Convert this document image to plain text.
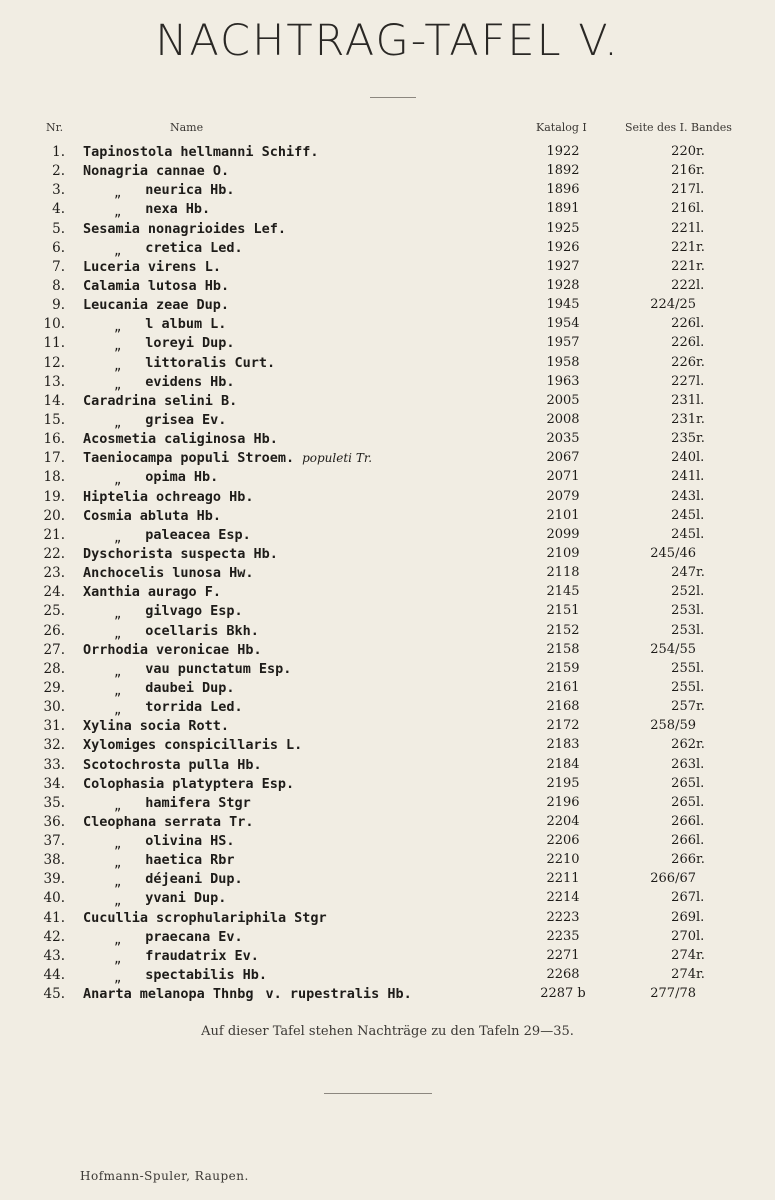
NACHTRAG-TAFEL V.
Nr.	Name	Katalog I	Seite des I. Bandes
1. Tapinostola hellmanni Schiff.	1922	220r.
2. Nonagria cannae O.	1892	216r.
3.	„ neurica Hb.	1896	217l.
4.	„ nexa Hb.	1891	216l.
5. Sesamia nonagrioides Lef.	1925	221l.
6.	„ cretica Led.	1926	221r.
7. Luceria virens L.	1927	221r.
8. Calamia lutosa Hb.	1928	222l.
9. Leucania zeae Dup.	1945	224/25
10.	„ l album L.	1954	226l.
11.	„ loreyi Dup.	1957	226l.
12.	„ littoralis Curt.	1958	226r.
13.	„ evidens Hb.	1963	227l.
14. Caradrina selini B.	2005	231l.
15.	„ grisea Ev.	2008	231r.
16. Acosmetia caliginosa Hb.	2035	235r.
17. Taeniocampa populi Stroem. populeti Tr.	2067	240l.
18.	„ opima Hb.	2071	241l.
19. Hiptelia ochreago Hb.	2079	243l.
20. Cosmia abluta Hb.	2101	245l.
21.	„ paleacea Esp.	2099	245l.
22. Dyschorista suspecta Hb.	2109	245/46
23. Anchocelis lunosa Hw.	2118	247r.
24. Xanthia aurago F.	2145	252l.
25.	„ gilvago Esp.	2151	253l.
26.	„ ocellaris Bkh.	2152	253l.
27. Orrhodia veronicae Hb.	2158	254/55
28.	„ vau punctatum Esp.	2159	255l.
29.	„ daubei Dup.	2161	255l.
30.	„ torrida Led.	2168	257r.
31. Xylina socia Rott.	2172	258/59
32. Xylomiges conspicillaris L.	2183	262r.
33. Scotochrosta pulla Hb.	2184	263l.
34. Colophasia platyptera Esp.	2195	265l.
35.	„ hamifera Stgr	2196	265l.
36. Cleophana serrata Tr.	2204	266l.
37.	„ olivina HS.	2206	266l.
38.	„ haetica Rbr	2210	266r.
39.	„ déjeani Dup.	2211	266/67
40.	„ yvani Dup.	2214	267l.
41. Cucullia scrophulariphila Stgr	2223	269l.
42.	„ praecana Ev.	2235	270l.
43.	„ fraudatrix Ev.	2271	274r.
44.	„ spectabilis Hb.	2268	274r.
45. Anarta melanopa Thnbg v. rupestralis Hb.	2287 b	277/78
Auf dieser Tafel stehen Nachträge zu den Tafeln 29—35.
Hofmann-Spuler, Raupen.
